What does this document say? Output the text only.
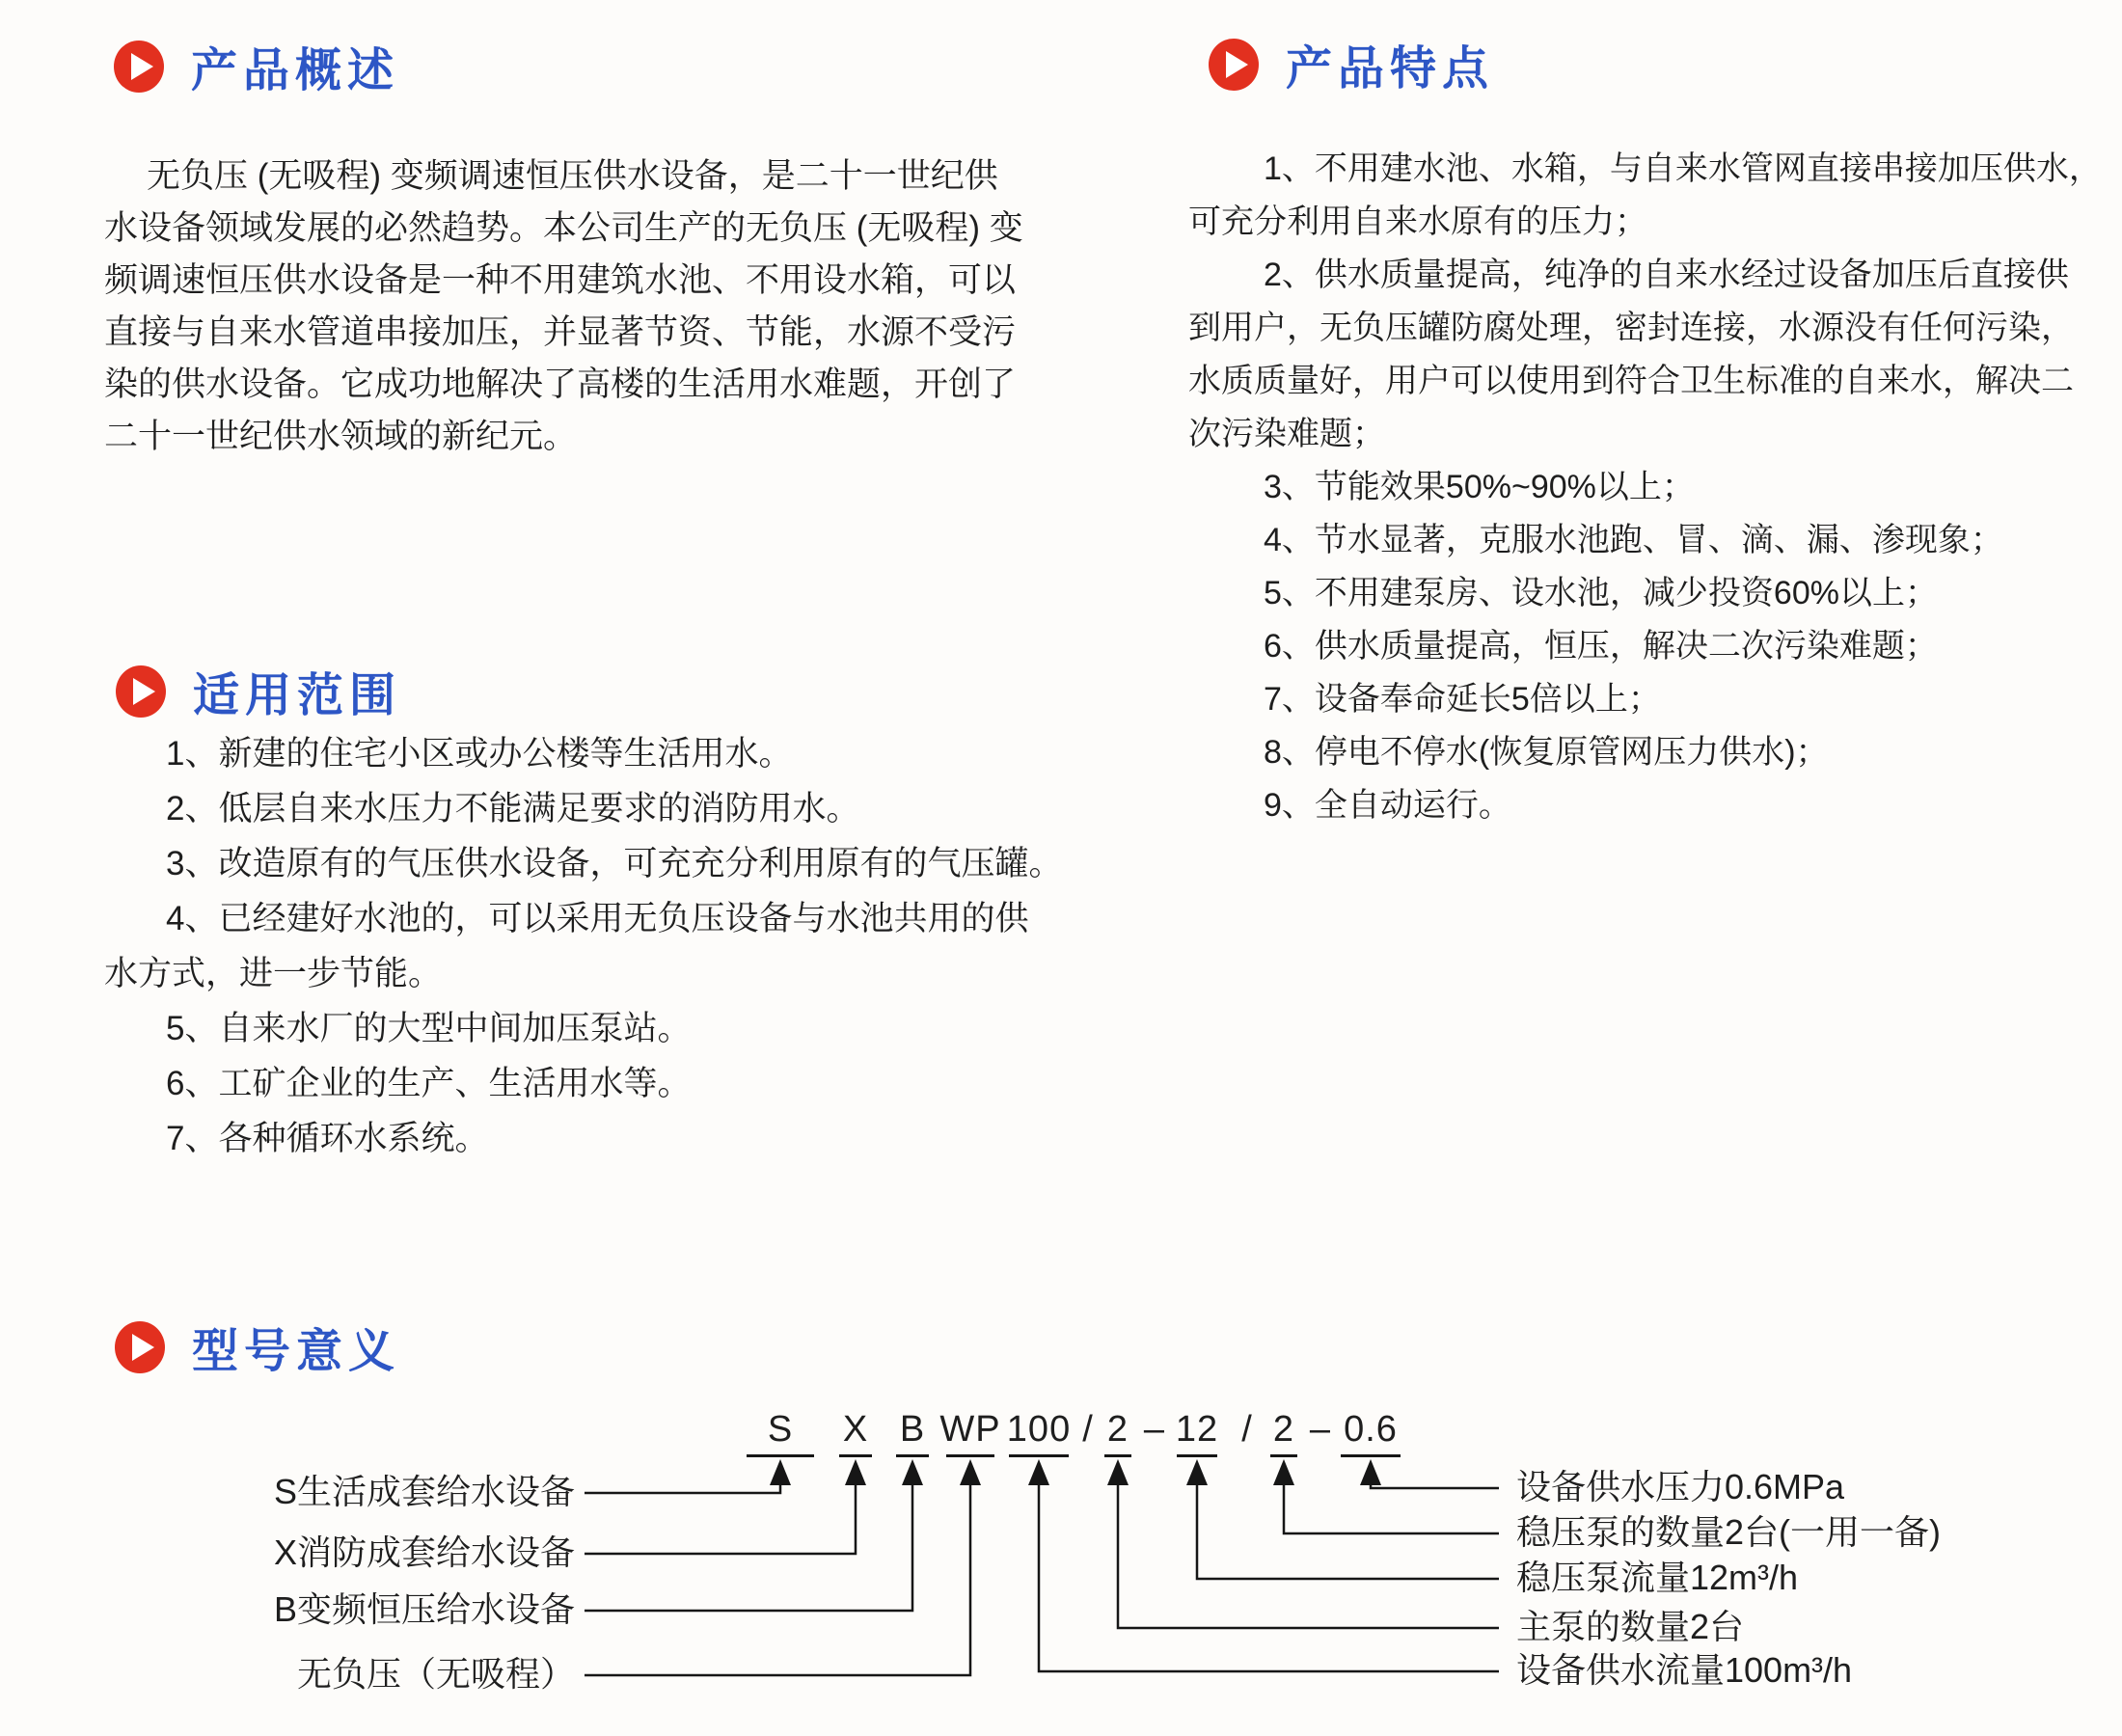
产品概述
无负压 (无吸程) 变频调速恒压供水设备，是二十一世纪供
水设备领域发展的必然趋势。本公司生产的无负压 (无吸程) 变
频调速恒压供水设备是一种不用建筑水池、不用设水箱，可以
直接与自来水管道串接加压，并显著节资、节能，水源不受污
染的供水设备。它成功地解决了高楼的生活用水难题，开创了
二十一世纪供水领域的新纪元。
产品特点
1、不用建水池、水箱，与自来水管网直接串接加压供水，
可充分利用自来水原有的压力；
2、供水质量提高，纯净的自来水经过设备加压后直接供
到用户，无负压罐防腐处理，密封连接，水源没有任何污染，
水质质量好，用户可以使用到符合卫生标准的自来水，解决二
次污染难题；
3、节能效果50%~90%以上；
4、节水显著，克服水池跑、冒、滴、漏、渗现象；
5、不用建泵房、设水池，减少投资60%以上；
6、供水质量提高，恒压，解决二次污染难题；
7、设备奉命延长5倍以上；
8、停电不停水(恢复原管网压力供水)；
9、全自动运行。
适用范围
1、新建的住宅小区或办公楼等生活用水。
2、低层自来水压力不能满足要求的消防用水。
3、改造原有的气压供水设备，可充充分利用原有的气压罐。
4、已经建好水池的，可以采用无负压设备与水池共用的供
水方式，进一步节能。
5、自来水厂的大型中间加压泵站。
6、工矿企业的生产、生活用水等。
7、各种循环水系统。
型号意义
S X B WP 100 / 2 – 12 / 2 – 0.6
S生活成套给水设备
X消防成套给水设备
B变频恒压给水设备
无负压（无吸程）	设备供水流量100m³/h
主泵的数量2台
稳压泵流量12m³/h
稳压泵的数量2台(一用一备)
设备供水压力0.6MPa
